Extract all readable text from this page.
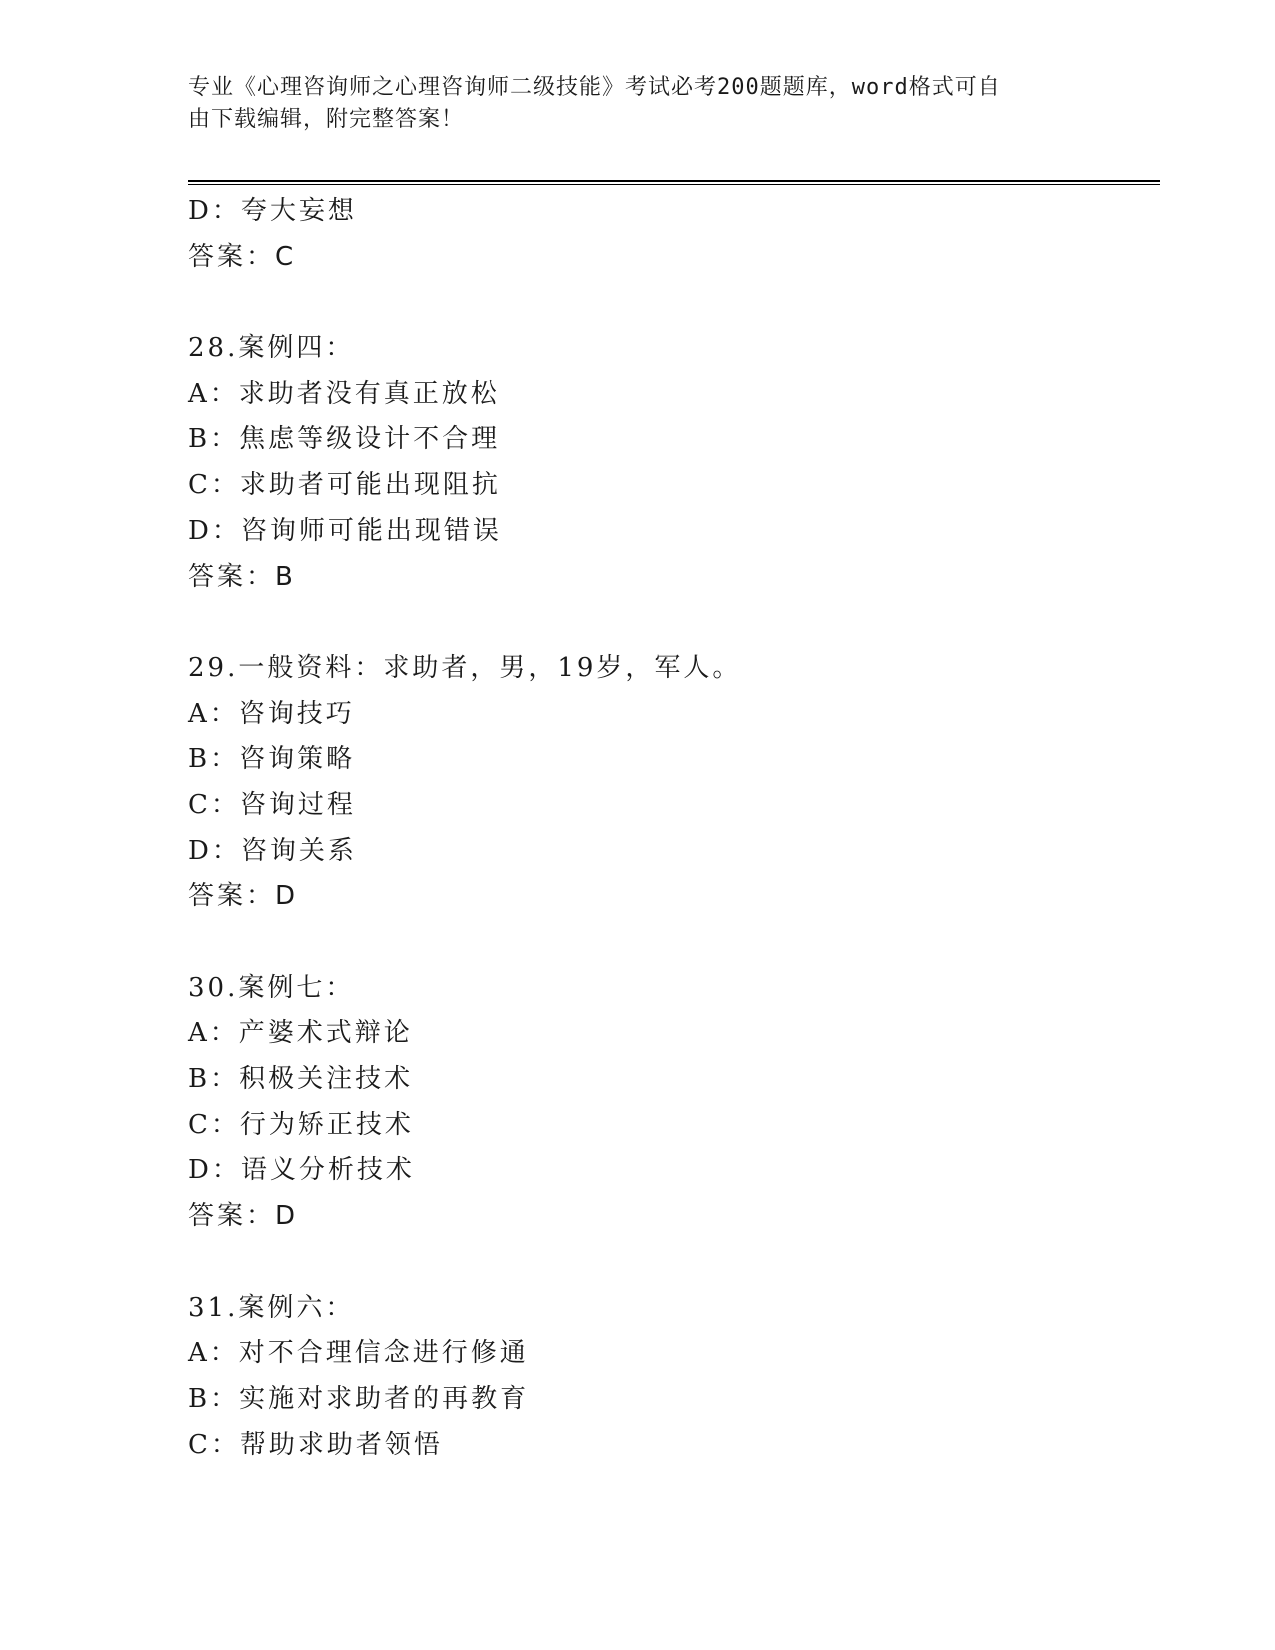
专业《心理咨询师之心理咨询师二级技能》考试必考200题题库，word格式可自
由下载编辑，附完整答案！
D：夸大妄想
答案：C
28.案例四：
A：求助者没有真正放松
B：焦虑等级设计不合理
C：求助者可能出现阻抗
D：咨询师可能出现错误
答案：B
29.一般资料：求助者，男，19岁，军人。
A：咨询技巧
B：咨询策略
C：咨询过程
D：咨询关系
答案：D
30.案例七：
A：产婆术式辩论
B：积极关注技术
C：行为矫正技术
D：语义分析技术
答案：D
31.案例六：
A：对不合理信念进行修通
B：实施对求助者的再教育
C：帮助求助者领悟
